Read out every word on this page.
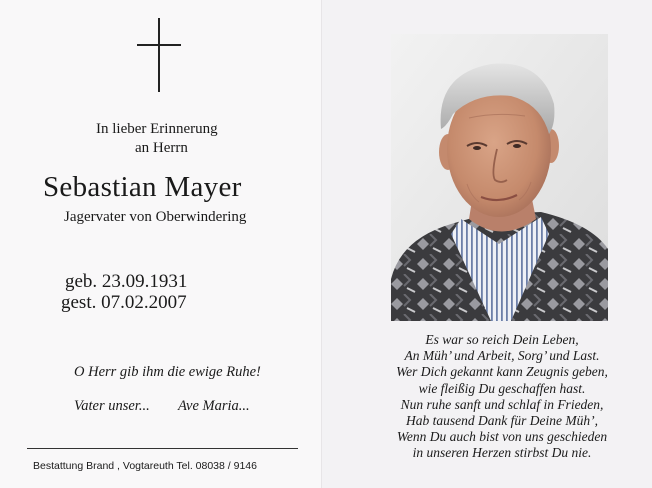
In lieber Erinnerung
an Herrn
Sebastian Mayer
Jagervater von Oberwindering
geb. 23.09.1931
gest. 07.02.2007
O Herr gib ihm die ewige Ruhe!
Vater unser... Ave Maria...
Bestattung Brand , Vogtareuth Tel. 08038 / 9146
Es war so reich Dein Leben,
An Müh’ und Arbeit, Sorg’ und Last.
Wer Dich gekannt kann Zeugnis geben,
wie fleißig Du geschaffen hast.
Nun ruhe sanft und schlaf in Frieden,
Hab tausend Dank für Deine Müh’,
Wenn Du auch bist von uns geschieden
in unseren Herzen stirbst Du nie.
